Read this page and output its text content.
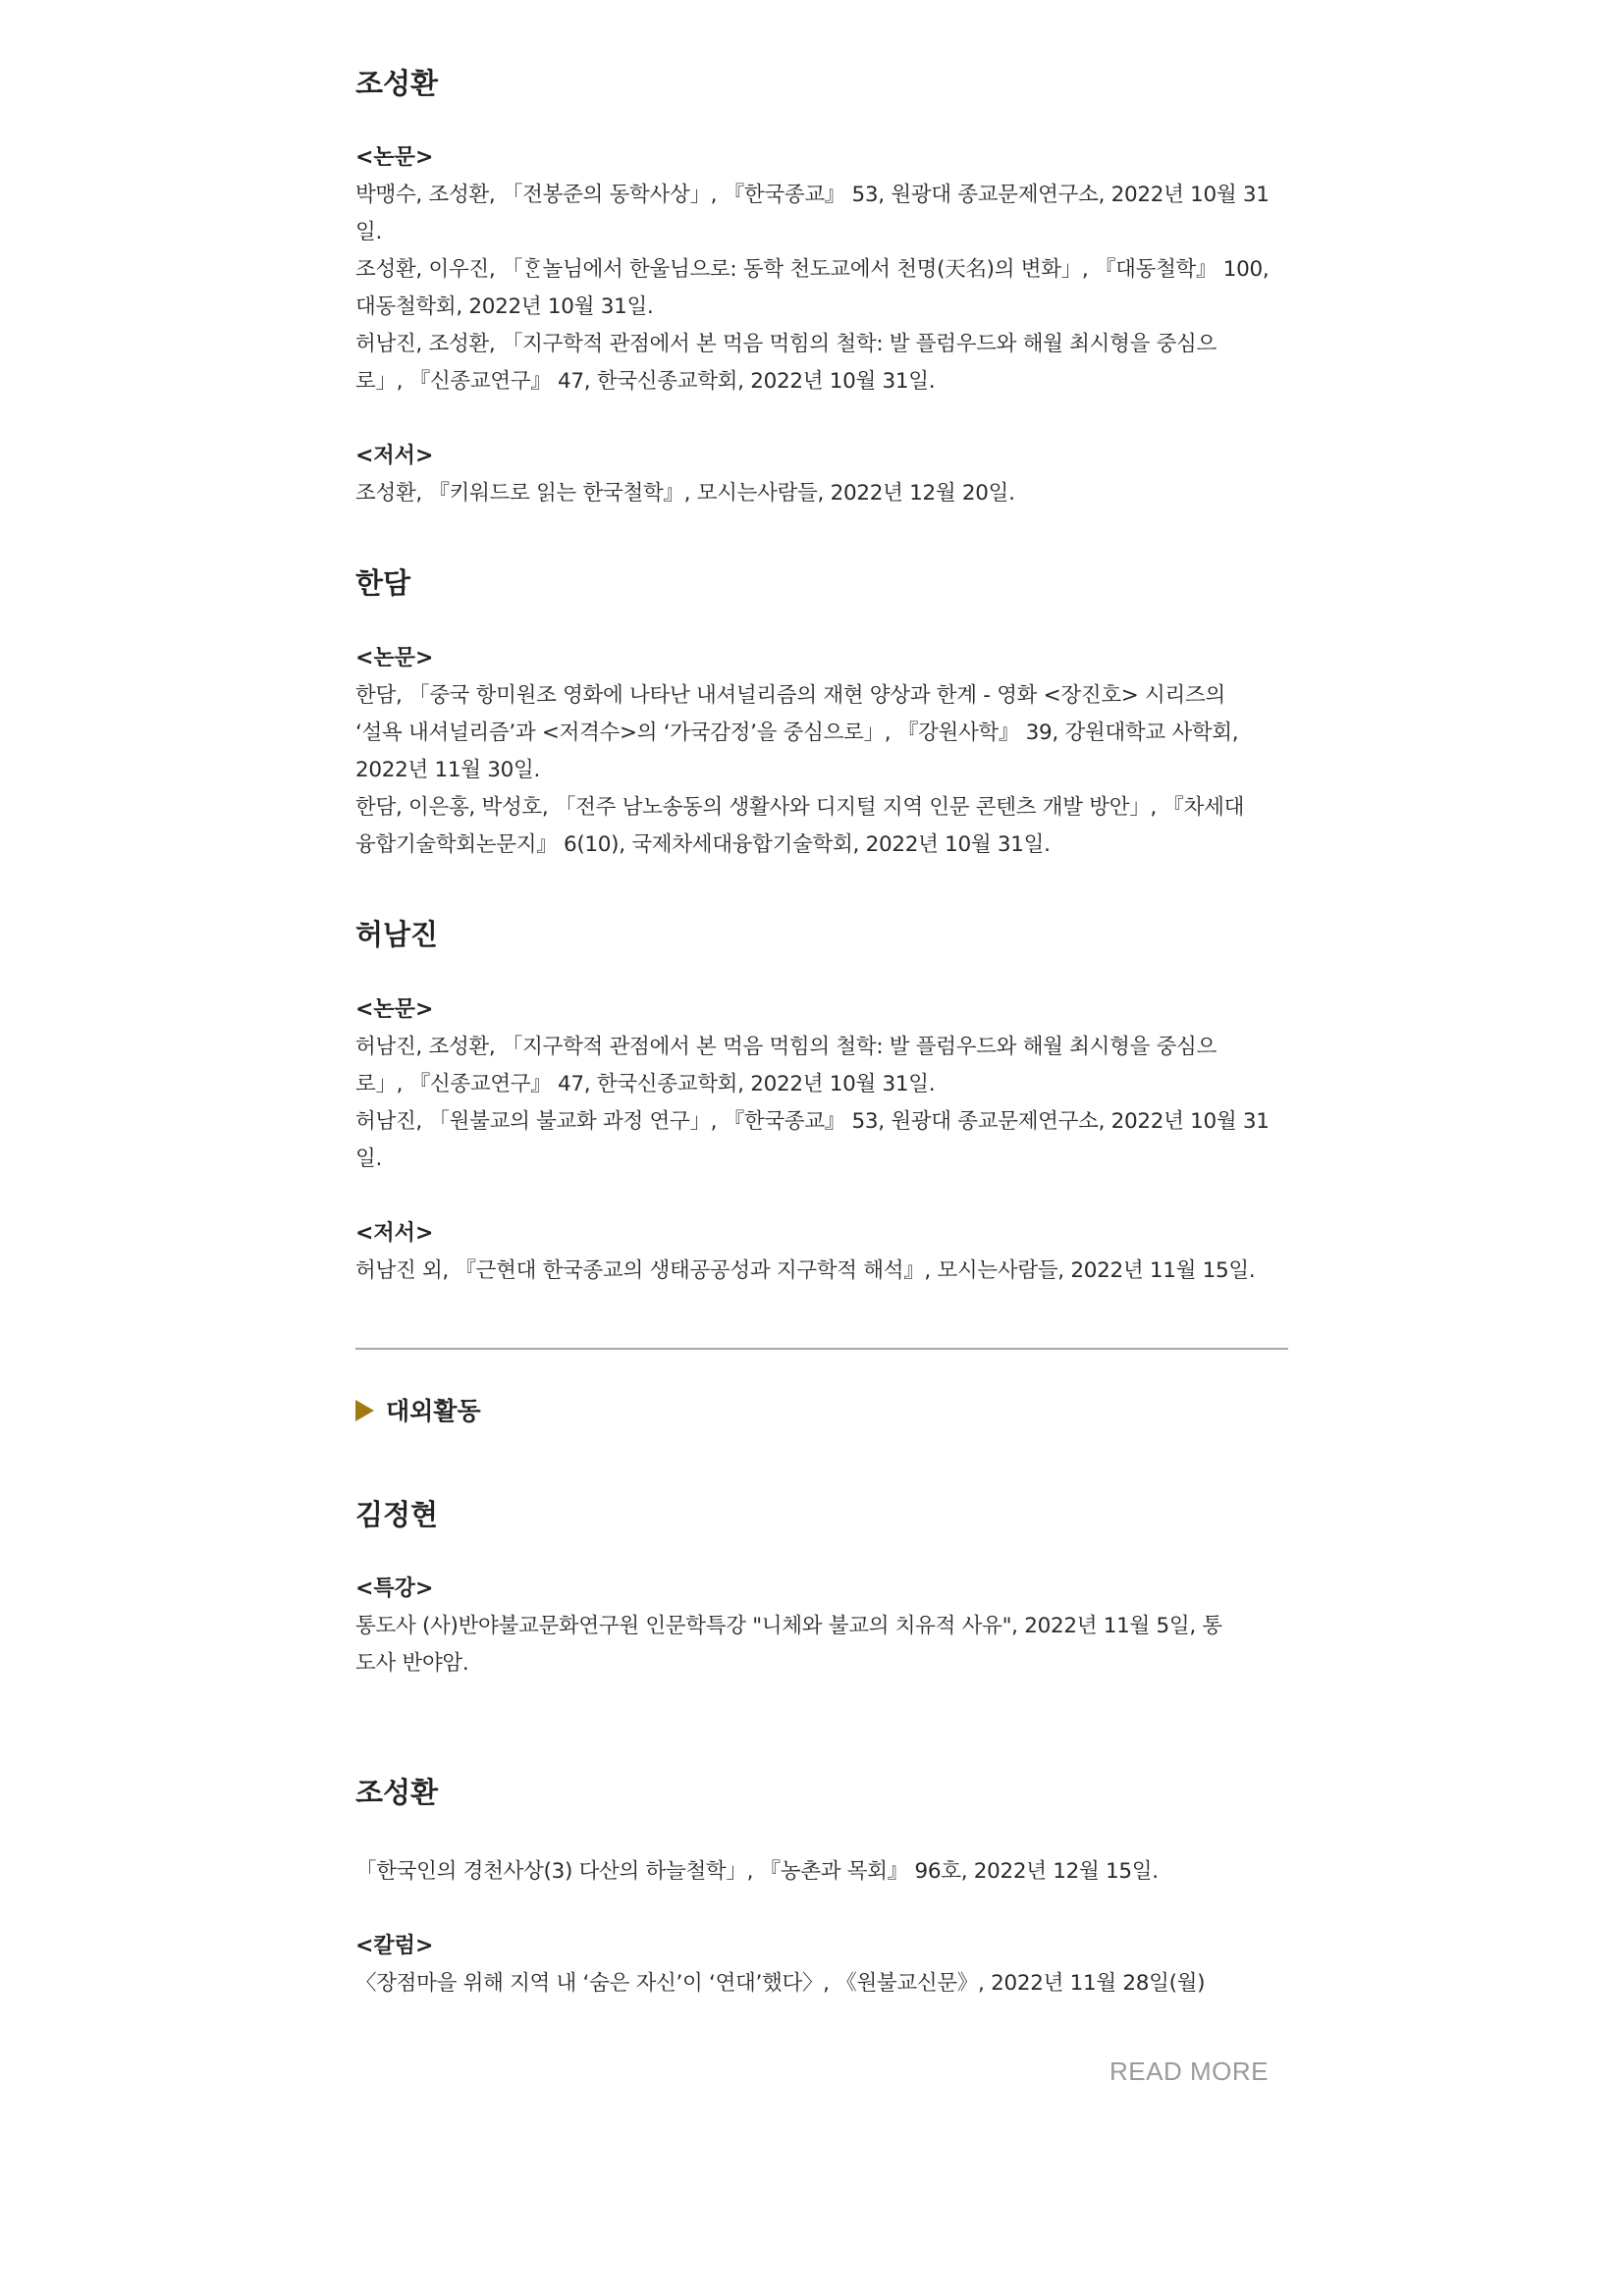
조성환

<논문>

박맹수, 조성환, 「전봉준의 동학사상」, 『한국종교』 53, 원광대 종교문제연구소, 2022년 10월 31

일.

조성환, 이우진, 「ᄒᆞᆫ놀님에서 한울님으로: 동학 천도교에서 천명(天名)의 변화」, 『대동철학』 100,

대동철학회, 2022년 10월 31일.

허남진, 조성환, 「지구학적 관점에서 본 먹음 먹힘의 철학: 발 플럼우드와 해월 최시형을 중심으

로」, 『신종교연구』 47, 한국신종교학회, 2022년 10월 31일.

<저서>

조성환, 『키워드로 읽는 한국철학』, 모시는사람들, 2022년 12월 20일.

한담

<논문>

한담, 「중국 항미원조 영화에 나타난 내셔널리즘의 재현 양상과 한계 - 영화 <장진호> 시리즈의

‘설욕 내셔널리즘’과 <저격수>의 ‘가국감정’을 중심으로」, 『강원사학』 39, 강원대학교 사학회,

2022년 11월 30일.

한담, 이은홍, 박성호, 「전주 남노송동의 생활사와 디지털 지역 인문 콘텐츠 개발 방안」, 『차세대

융합기술학회논문지』 6(10), 국제차세대융합기술학회, 2022년 10월 31일.

허남진

<논문>

허남진, 조성환, 「지구학적 관점에서 본 먹음 먹힘의 철학: 발 플럼우드와 해월 최시형을 중심으

로」, 『신종교연구』 47, 한국신종교학회, 2022년 10월 31일.

허남진, 「원불교의 불교화 과정 연구」, 『한국종교』 53, 원광대 종교문제연구소, 2022년 10월 31

일.

<저서>

허남진 외, 『근현대 한국종교의 생태공공성과 지구학적 해석』, 모시는사람들, 2022년 11월 15일.

대외활동
김정현

<특강>

통도사 (사)반야불교문화연구원 인문학특강 "니체와 불교의 치유적 사유", 2022년 11월 5일, 통

도사 반야암.

조성환

「한국인의 경천사상(3) 다산의 하늘철학」, 『농촌과 목회』 96호, 2022년 12월 15일.

<칼럼>

〈장점마을 위해 지역 내 ‘숨은 자신’이 ‘연대’했다〉, 《원불교신문》, 2022년 11월 28일(월)

READ MORE
